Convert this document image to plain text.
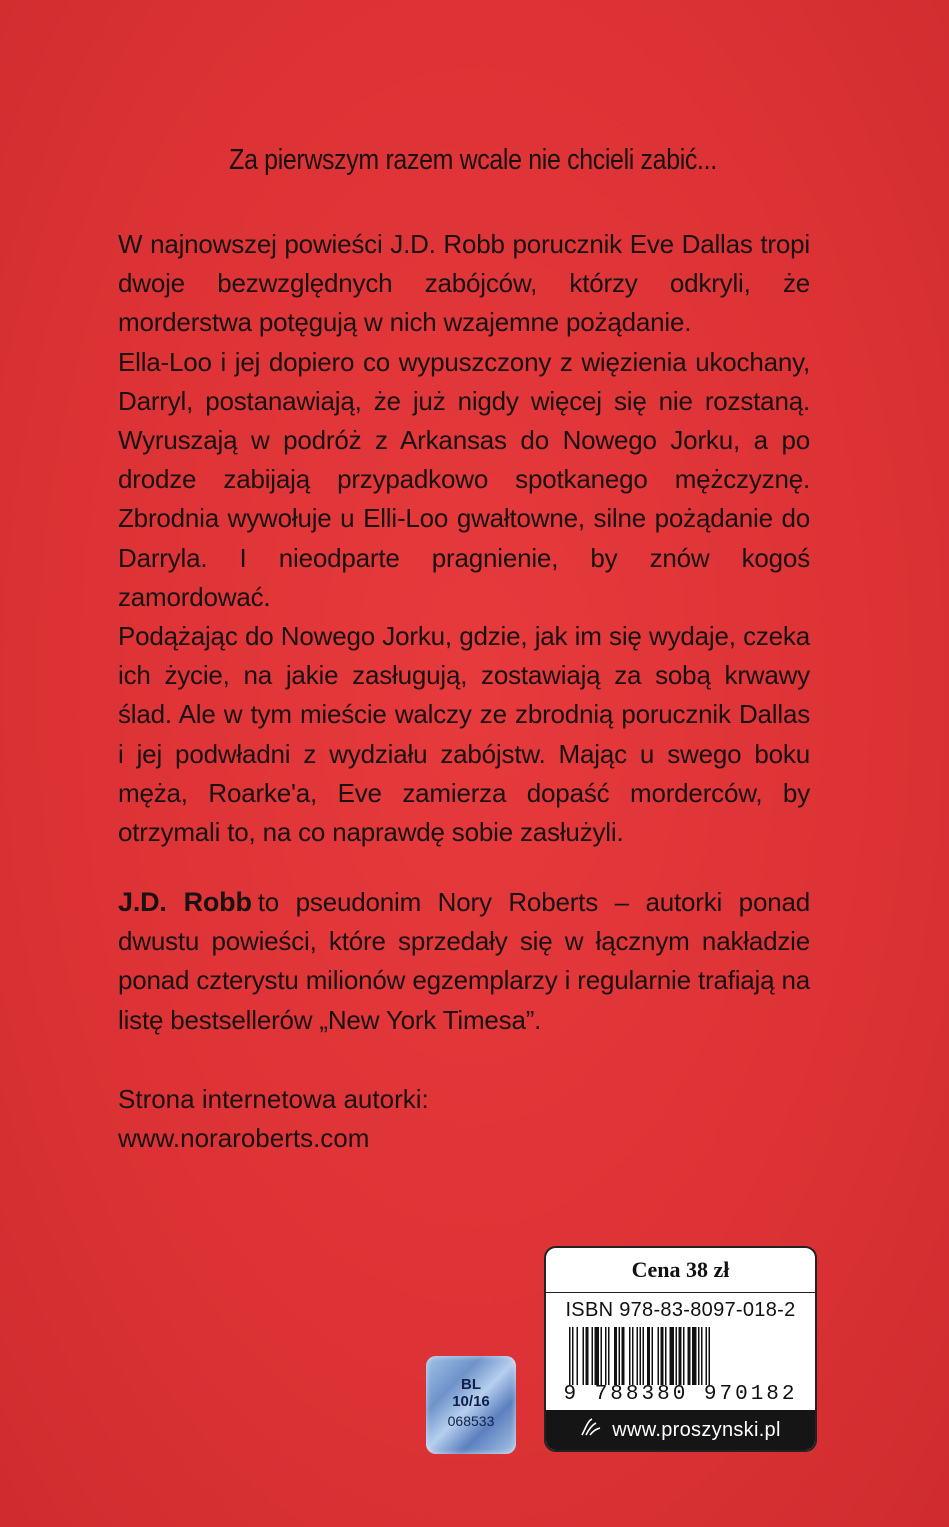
Za pierwszym razem wcale nie chcieli zabić...

W najnowszej powieści J.D. Robb porucznik Eve Dallas tropi dwoje bezwzględnych zabójców, którzy odkryli, że morderstwa potęgują w nich wzajemne pożądanie.

Ella-Loo i jej dopiero co wypuszczony z więzienia ukochany, Darryl, postanawiają, że już nigdy więcej się nie rozstaną. Wyruszają w podróż z Arkansas do Nowego Jorku, a po drodze zabijają przypadkowo spotkanego mężczyznę. Zbrodnia wywołuje u Elli-Loo gwałtowne, silne pożądanie do Darryla. I nieodparte pragnienie, by znów kogoś zamordować.

Podążając do Nowego Jorku, gdzie, jak im się wydaje, czeka ich życie, na jakie zasługują, zostawiają za sobą krwawy ślad. Ale w tym mieście walczy ze zbrodnią porucznik Dallas i jej podwładni z wydziału zabójstw. Mając u swego boku męża, Roarke'a, Eve zamierza dopaść morderców, by otrzymali to, na co naprawdę sobie zasłużyli.

J.D. Robb to pseudonim Nory Roberts – autorki ponad dwustu powieści, które sprzedały się w łącznym nakładzie ponad czterystu milionów egzemplarzy i regularnie trafiają na listę bestsellerów „New York Timesa”.

Strona internetowa autorki:
www.noraroberts.com
BL
10/16
068533
Cena 38 zł
ISBN 978-83-8097-018-2
9 788380 970182
www.proszynski.pl
